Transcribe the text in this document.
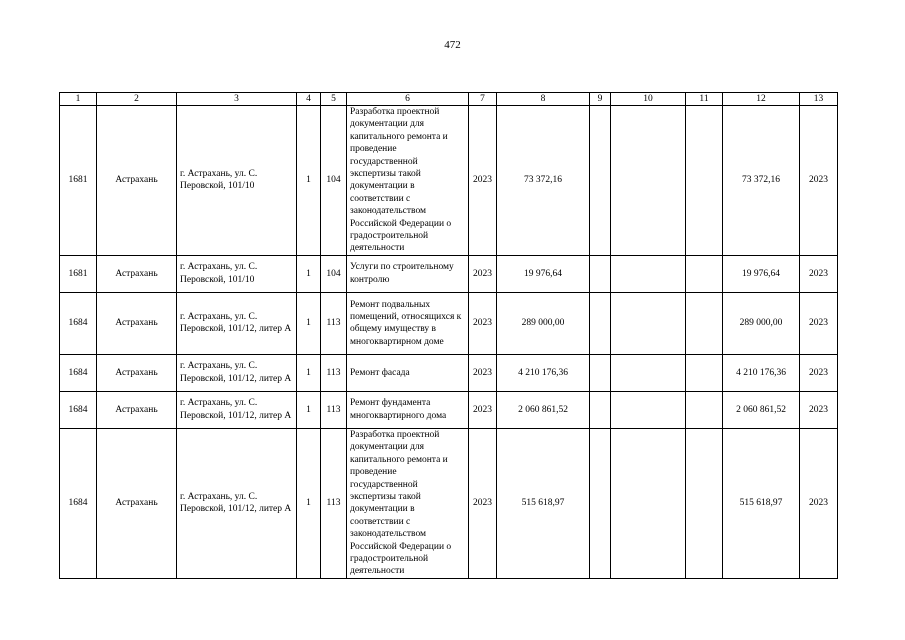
472
1	2	3	4	5	6	7	8	9	10	11	12	13
1681	Астрахань	г. Астрахань, ул. С. Перовской, 101/10	1	104	Разработка проектной документации для капитального ремонта и проведение государственной экспертизы такой документации в соответствии с законодательством Российской Федерации о градостроительной деятельности	2023	73 372,16				73 372,16	2023
1681	Астрахань	г. Астрахань, ул. С. Перовской, 101/10	1	104	Услуги по строительному контролю	2023	19 976,64				19 976,64	2023
1684	Астрахань	г. Астрахань, ул. С. Перовской, 101/12, литер А	1	113	Ремонт подвальных помещений, относящихся к общему имуществу в многоквартирном доме	2023	289 000,00				289 000,00	2023
1684	Астрахань	г. Астрахань, ул. С. Перовской, 101/12, литер А	1	113	Ремонт фасада	2023	4 210 176,36				4 210 176,36	2023
1684	Астрахань	г. Астрахань, ул. С. Перовской, 101/12, литер А	1	113	Ремонт фундамента многоквартирного дома	2023	2 060 861,52				2 060 861,52	2023
1684	Астрахань	г. Астрахань, ул. С. Перовской, 101/12, литер А	1	113	Разработка проектной документации для капитального ремонта и проведение государственной экспертизы такой документации в соответствии с законодательством Российской Федерации о градостроительной деятельности	2023	515 618,97				515 618,97	2023
